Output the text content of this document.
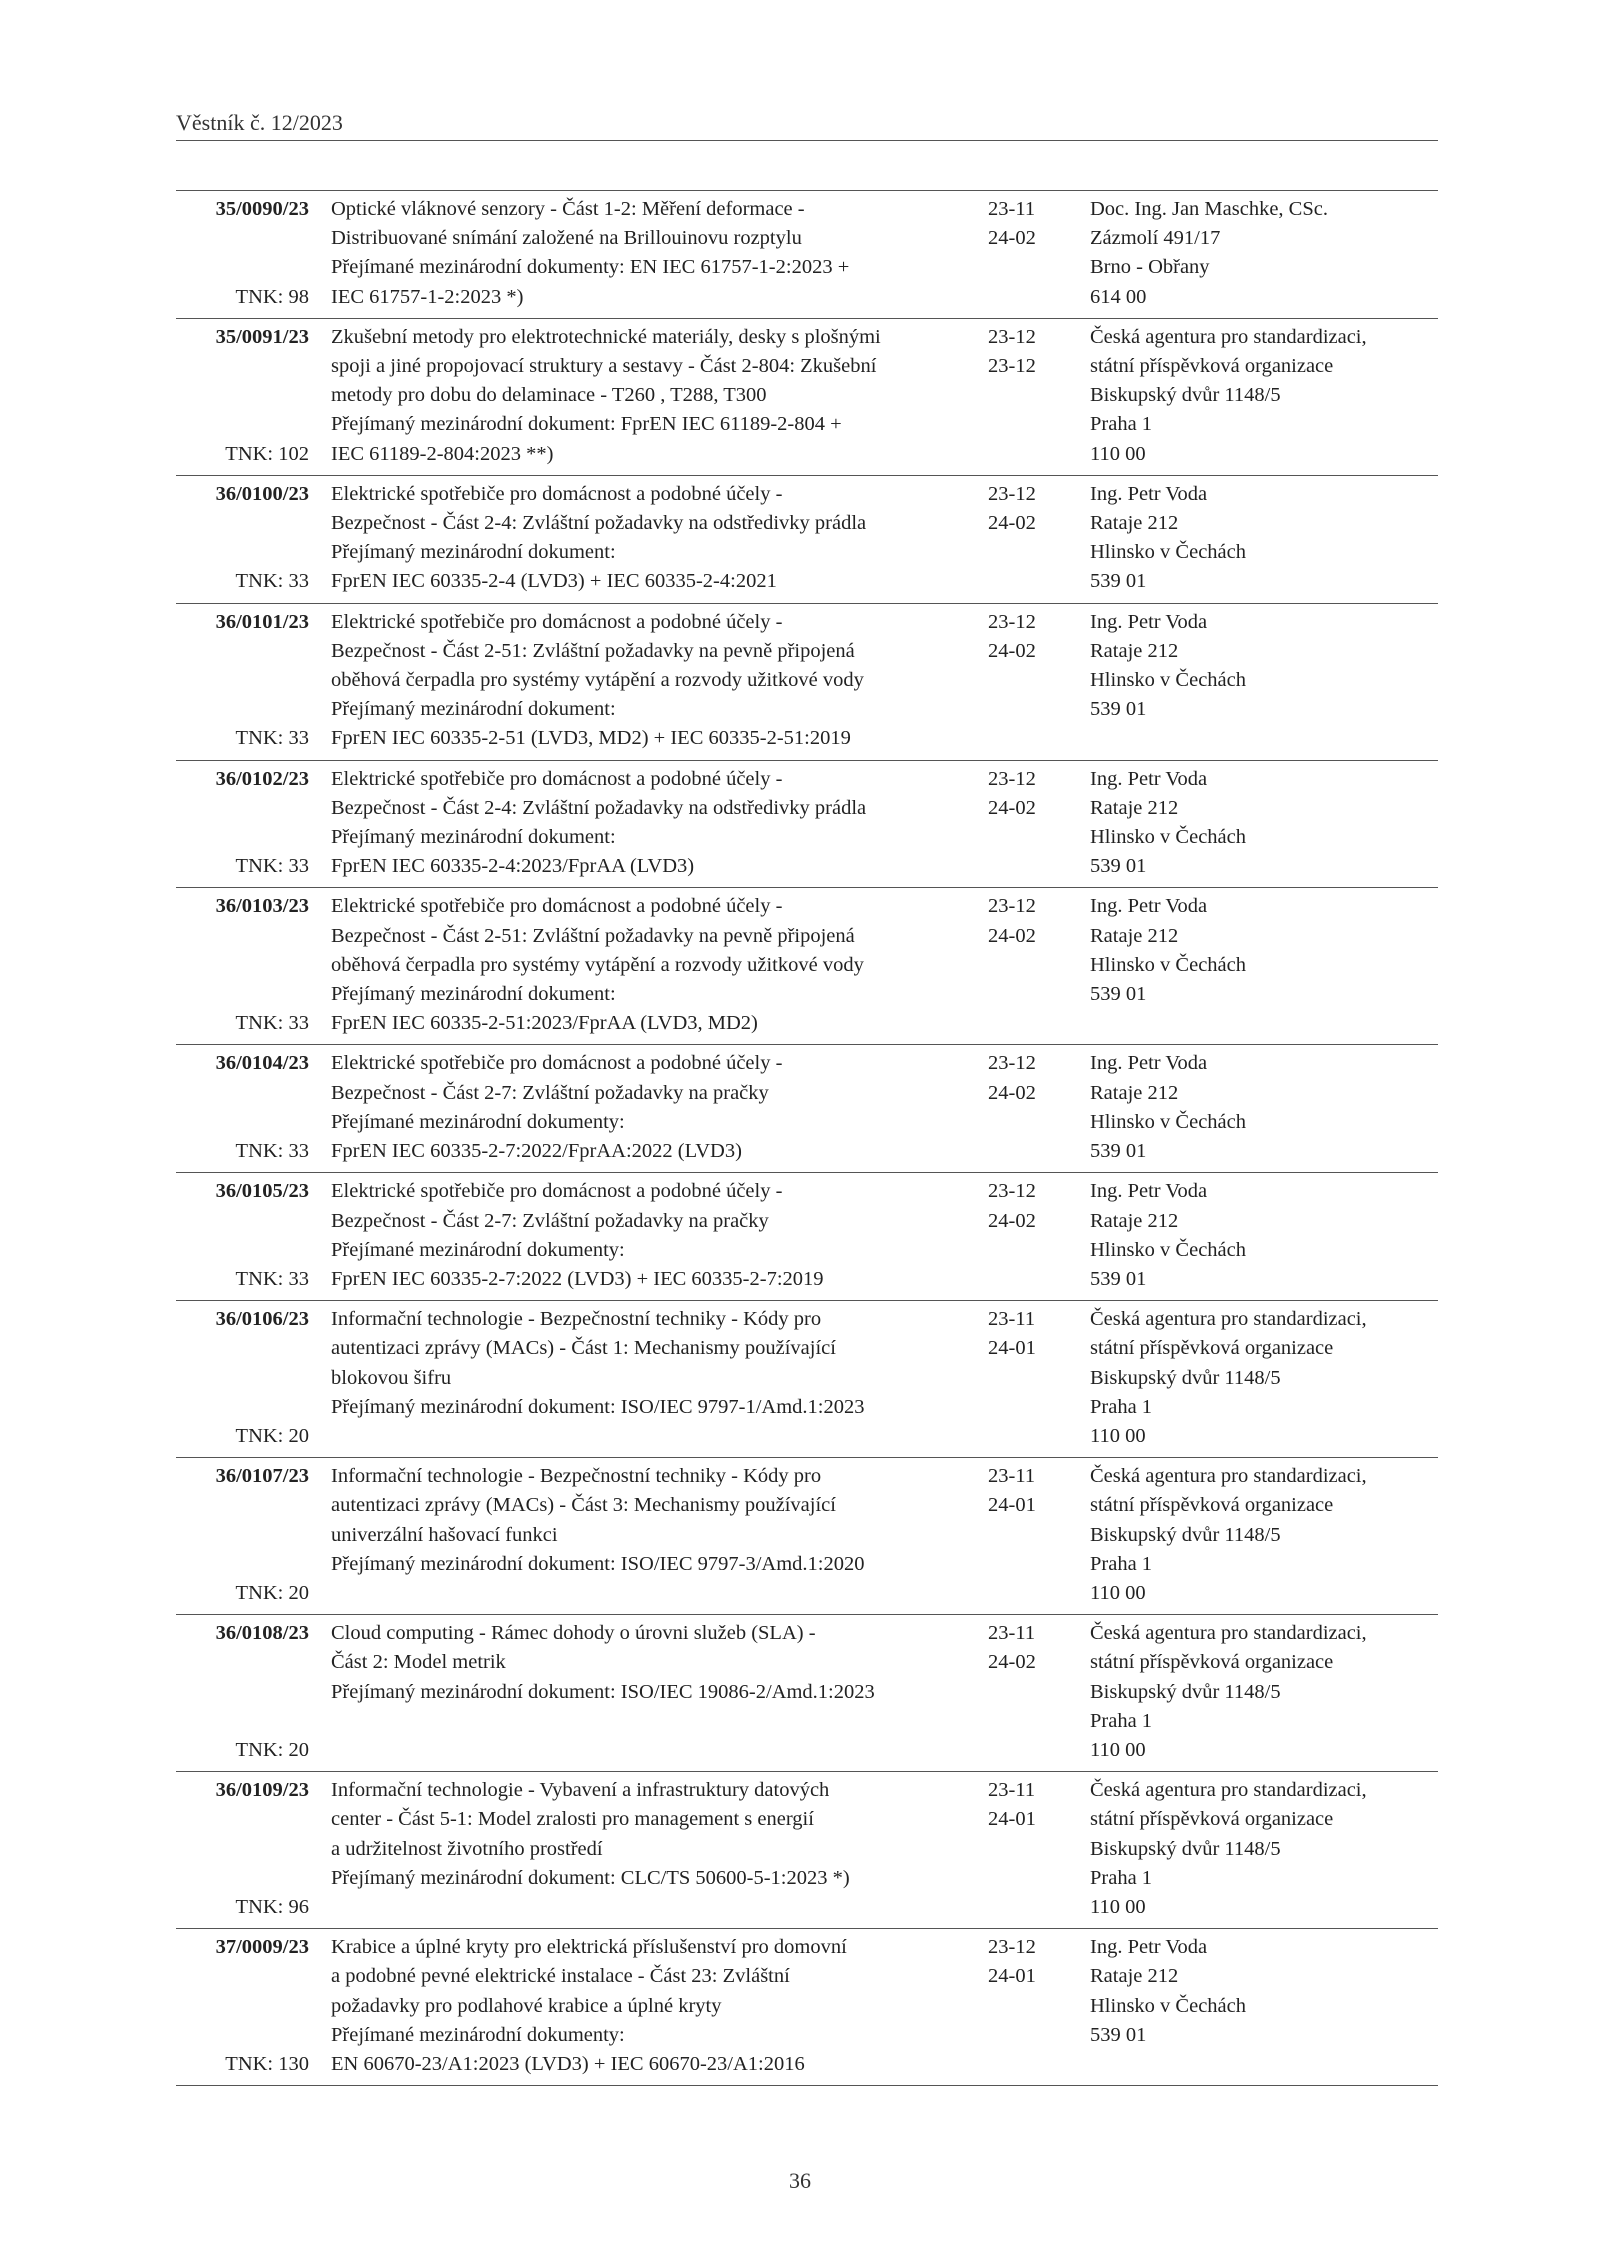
Věstník č. 12/2023
35/0090/23
TNK: 98
Optické vláknové senzory - Část 1-2: Měření deformace -
Distribuované snímání založené na Brillouinovu rozptylu
Přejímané mezinárodní dokumenty: EN IEC 61757-1-2:2023 +
IEC 61757-1-2:2023 *)
23-11
24-02
Doc. Ing. Jan Maschke, CSc.
Zázmolí 491/17
Brno - Obřany
614 00
35/0091/23
TNK: 102
Zkušební metody pro elektrotechnické materiály, desky s plošnými
spoji a jiné propojovací struktury a sestavy - Část 2-804: Zkušební
metody pro dobu do delaminace - T260 , T288, T300
Přejímaný mezinárodní dokument: FprEN IEC 61189-2-804 +
IEC 61189-2-804:2023 **)
23-12
23-12
Česká agentura pro standardizaci,
státní příspěvková organizace
Biskupský dvůr 1148/5
Praha 1
110 00
36/0100/23
TNK: 33
Elektrické spotřebiče pro domácnost a podobné účely -
Bezpečnost - Část 2-4: Zvláštní požadavky na odstředivky prádla
Přejímaný mezinárodní dokument:
FprEN IEC 60335-2-4 (LVD3) + IEC 60335-2-4:2021
23-12
24-02
Ing. Petr Voda
Rataje 212
Hlinsko v Čechách
539 01
36/0101/23
TNK: 33
Elektrické spotřebiče pro domácnost a podobné účely -
Bezpečnost - Část 2-51: Zvláštní požadavky na pevně připojená
oběhová čerpadla pro systémy vytápění a rozvody užitkové vody
Přejímaný mezinárodní dokument:
FprEN IEC 60335-2-51 (LVD3, MD2) + IEC 60335-2-51:2019
23-12
24-02
Ing. Petr Voda
Rataje 212
Hlinsko v Čechách
539 01
36/0102/23
TNK: 33
Elektrické spotřebiče pro domácnost a podobné účely -
Bezpečnost - Část 2-4: Zvláštní požadavky na odstředivky prádla
Přejímaný mezinárodní dokument:
FprEN IEC 60335-2-4:2023/FprAA (LVD3)
23-12
24-02
Ing. Petr Voda
Rataje 212
Hlinsko v Čechách
539 01
36/0103/23
TNK: 33
Elektrické spotřebiče pro domácnost a podobné účely -
Bezpečnost - Část 2-51: Zvláštní požadavky na pevně připojená
oběhová čerpadla pro systémy vytápění a rozvody užitkové vody
Přejímaný mezinárodní dokument:
FprEN IEC 60335-2-51:2023/FprAA (LVD3, MD2)
23-12
24-02
Ing. Petr Voda
Rataje 212
Hlinsko v Čechách
539 01
36/0104/23
TNK: 33
Elektrické spotřebiče pro domácnost a podobné účely -
Bezpečnost - Část 2-7: Zvláštní požadavky na pračky
Přejímané mezinárodní dokumenty:
FprEN IEC 60335-2-7:2022/FprAA:2022 (LVD3)
23-12
24-02
Ing. Petr Voda
Rataje 212
Hlinsko v Čechách
539 01
36/0105/23
TNK: 33
Elektrické spotřebiče pro domácnost a podobné účely -
Bezpečnost - Část 2-7: Zvláštní požadavky na pračky
Přejímané mezinárodní dokumenty:
FprEN IEC 60335-2-7:2022 (LVD3) + IEC 60335-2-7:2019
23-12
24-02
Ing. Petr Voda
Rataje 212
Hlinsko v Čechách
539 01
36/0106/23
TNK: 20
Informační technologie - Bezpečnostní techniky - Kódy pro
autentizaci zprávy (MACs) - Část 1: Mechanismy používající
blokovou šifru
Přejímaný mezinárodní dokument: ISO/IEC 9797-1/Amd.1:2023
23-11
24-01
Česká agentura pro standardizaci,
státní příspěvková organizace
Biskupský dvůr 1148/5
Praha 1
110 00
36/0107/23
TNK: 20
Informační technologie - Bezpečnostní techniky - Kódy pro
autentizaci zprávy (MACs) - Část 3: Mechanismy používající
univerzální hašovací funkci
Přejímaný mezinárodní dokument: ISO/IEC 9797-3/Amd.1:2020
23-11
24-01
Česká agentura pro standardizaci,
státní příspěvková organizace
Biskupský dvůr 1148/5
Praha 1
110 00
36/0108/23
TNK: 20
Cloud computing - Rámec dohody o úrovni služeb (SLA) -
Část 2: Model metrik
Přejímaný mezinárodní dokument: ISO/IEC 19086-2/Amd.1:2023
23-11
24-02
Česká agentura pro standardizaci,
státní příspěvková organizace
Biskupský dvůr 1148/5
Praha 1
110 00
36/0109/23
TNK: 96
Informační technologie - Vybavení a infrastruktury datových
center - Část 5-1: Model zralosti pro management s energií
a udržitelnost životního prostředí
Přejímaný mezinárodní dokument: CLC/TS 50600-5-1:2023 *)
23-11
24-01
Česká agentura pro standardizaci,
státní příspěvková organizace
Biskupský dvůr 1148/5
Praha 1
110 00
37/0009/23
TNK: 130
Krabice a úplné kryty pro elektrická příslušenství pro domovní
a podobné pevné elektrické instalace - Část 23: Zvláštní
požadavky pro podlahové krabice a úplné kryty
Přejímané mezinárodní dokumenty:
EN 60670-23/A1:2023 (LVD3) + IEC 60670-23/A1:2016
23-12
24-01
Ing. Petr Voda
Rataje 212
Hlinsko v Čechách
539 01
36
